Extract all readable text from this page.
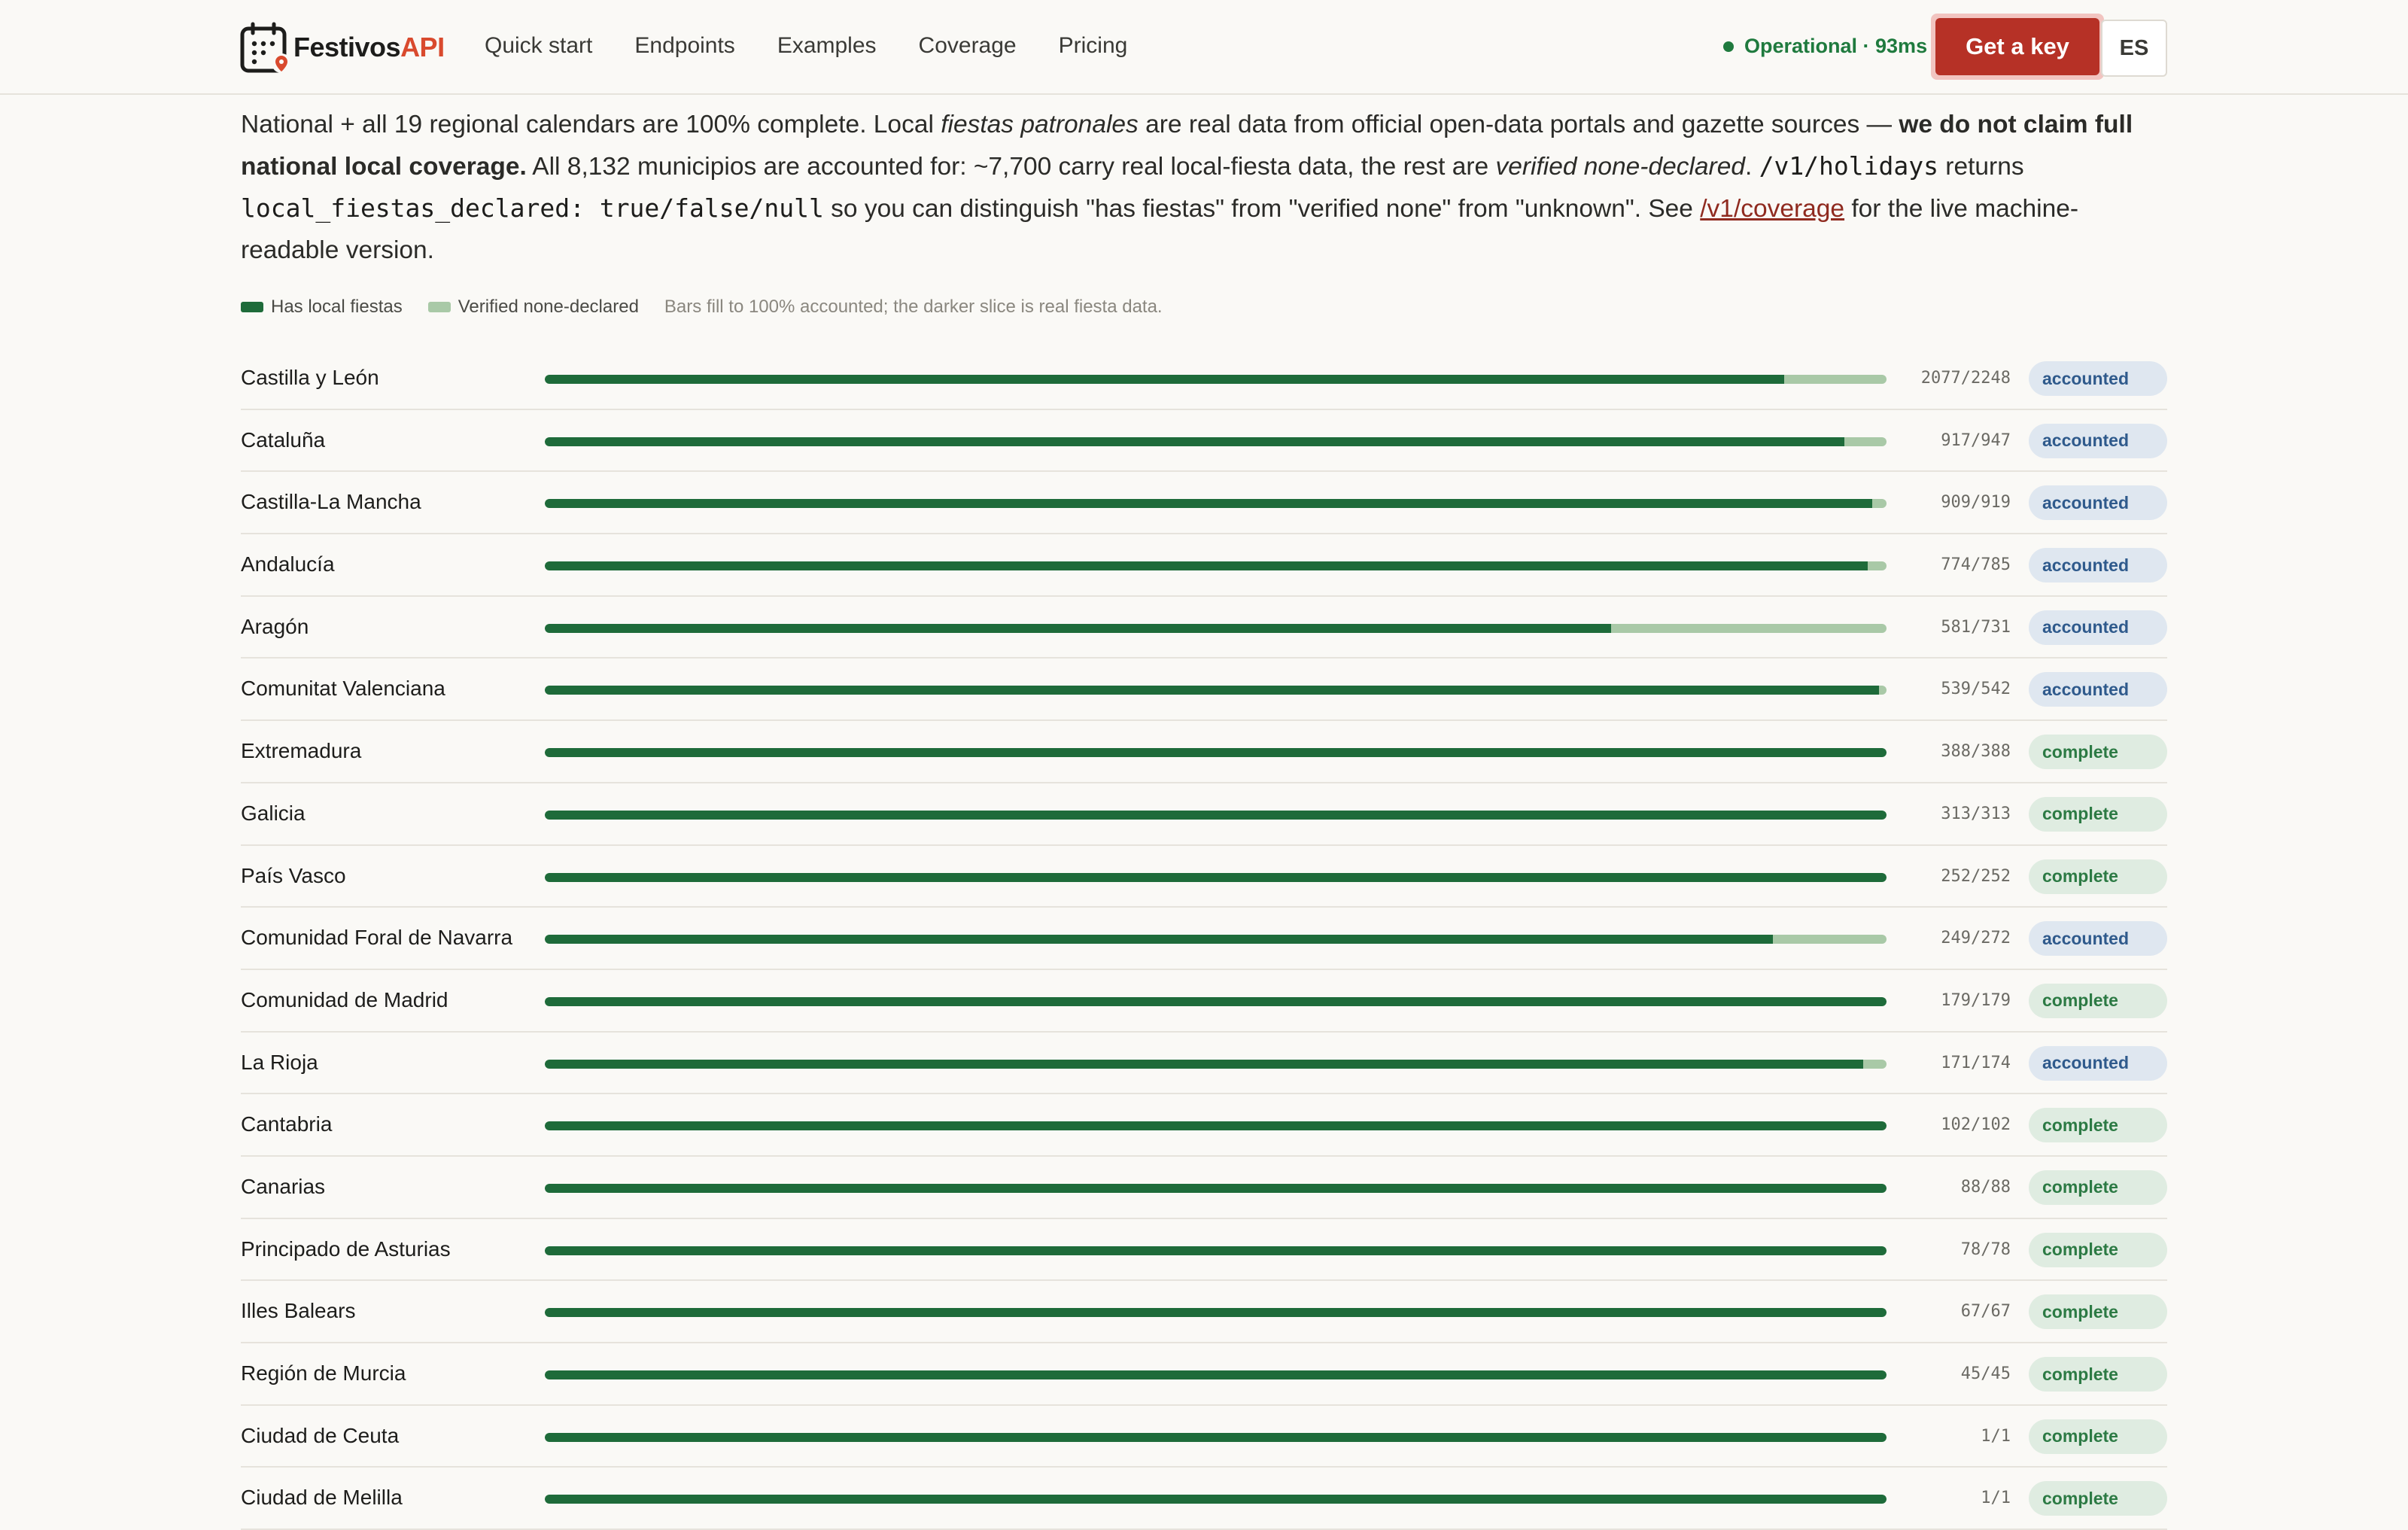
FestivosAPI Quick start Endpoints Examples Coverage Pricing	Operational · 93ms	Get a key	ES
National + all 19 regional calendars are 100% complete. Local fiestas patronales are real data from official open-data portals and gazette sources — we do not claim full national local coverage. All 8,132 municipios are accounted for: ~7,700 carry real local-fiesta data, the rest are verified none-declared. /v1/holidays returns local_fiestas_declared: true/false/null so you can distinguish "has fiestas" from "verified none" from "unknown". See /v1/coverage for the live machine-readable version.
Has local fiestas	Verified none-declared Bars fill to 100% accounted; the darker slice is real fiesta data.
Castilla y León	2077/2248	accounted
Cataluña	917/947	accounted
Castilla-La Mancha	909/919	accounted
Andalucía	774/785	accounted
Aragón	581/731	accounted
Comunitat Valenciana	539/542	accounted
Extremadura	388/388	complete
Galicia	313/313	complete
País Vasco	252/252	complete
Comunidad Foral de Navarra	249/272	accounted
Comunidad de Madrid	179/179	complete
La Rioja	171/174	accounted
Cantabria	102/102	complete
Canarias	88/88	complete
Principado de Asturias	78/78	complete
Illes Balears	67/67	complete
Región de Murcia	45/45	complete
Ciudad de Ceuta	1/1	complete
Ciudad de Melilla	1/1	complete
